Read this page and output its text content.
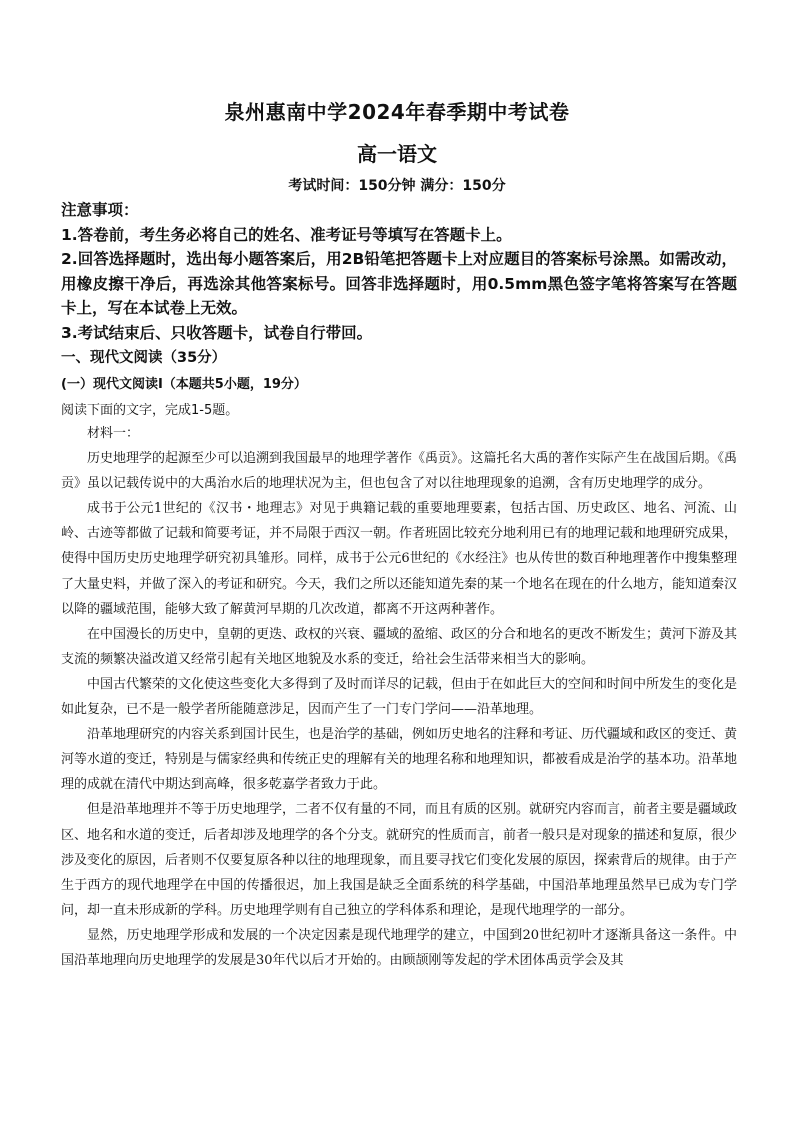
泉州惠南中学2024年春季期中考试卷
高一语文
考试时间：150分钟 满分：150分

注意事项：

1.答卷前，考生务必将自己的姓名、准考证号等填写在答题卡上。

2.回答选择题时，选出每小题答案后，用2B铅笔把答题卡上对应题目的答案标号涂黑。如需改动，用橡皮擦干净后，再选涂其他答案标号。回答非选择题时，用0.5mm黑色签字笔将答案写在答题卡上，写在本试卷上无效。

3.考试结束后、只收答题卡，试卷自行带回。

一、现代文阅读（35分）
(一）现代文阅读Ⅰ（本题共5小题，19分）
阅读下面的文字，完成1-5题。

材料一：

历史地理学的起源至少可以追溯到我国最早的地理学著作《禹贡》。这篇托名大禹的著作实际产生在战国后期。《禹贡》虽以记载传说中的大禹治水后的地理状况为主，但也包含了对以往地理现象的追溯，含有历史地理学的成分。

成书于公元1世纪的《汉书・地理志》对见于典籍记载的重要地理要素，包括古国、历史政区、地名、河流、山岭、古迹等都做了记载和简要考证，并不局限于西汉一朝。作者班固比较充分地利用已有的地理记载和地理研究成果，使得中国历史历史地理学研究初具雏形。同样，成书于公元6世纪的《水经注》也从传世的数百种地理著作中搜集整理了大量史料，并做了深入的考证和研究。今天，我们之所以还能知道先秦的某一个地名在现在的什么地方，能知道秦汉以降的疆域范围，能够大致了解黄河早期的几次改道，都离不开这两种著作。

在中国漫长的历史中，皇朝的更迭、政权的兴衰、疆域的盈缩、政区的分合和地名的更改不断发生；黄河下游及其支流的频繁决溢改道又经常引起有关地区地貌及水系的变迁，给社会生活带来相当大的影响。

中国古代繁荣的文化使这些变化大多得到了及时而详尽的记载，但由于在如此巨大的空间和时间中所发生的变化是如此复杂，已不是一般学者所能随意涉足，因而产生了一门专门学问——沿革地理。

沿革地理研究的内容关系到国计民生，也是治学的基础，例如历史地名的注释和考证、历代疆域和政区的变迁、黄河等水道的变迁，特别是与儒家经典和传统正史的理解有关的地理名称和地理知识，都被看成是治学的基本功。沿革地理的成就在清代中期达到高峰，很多乾嘉学者致力于此。

但是沿革地理并不等于历史地理学，二者不仅有量的不同，而且有质的区别。就研究内容而言，前者主要是疆域政区、地名和水道的变迁，后者却涉及地理学的各个分支。就研究的性质而言，前者一般只是对现象的描述和复原，很少涉及变化的原因，后者则不仅要复原各种以往的地理现象，而且要寻找它们变化发展的原因，探索背后的规律。由于产生于西方的现代地理学在中国的传播很迟，加上我国是缺乏全面系统的科学基础，中国沿革地理虽然早已成为专门学问，却一直未形成新的学科。历史地理学则有自己独立的学科体系和理论，是现代地理学的一部分。

显然，历史地理学形成和发展的一个决定因素是现代地理学的建立，中国到20世纪初叶才逐渐具备这一条件。中国沿革地理向历史地理学的发展是30年代以后才开始的。由顾颉刚等发起的学术团体禹贡学会及其
